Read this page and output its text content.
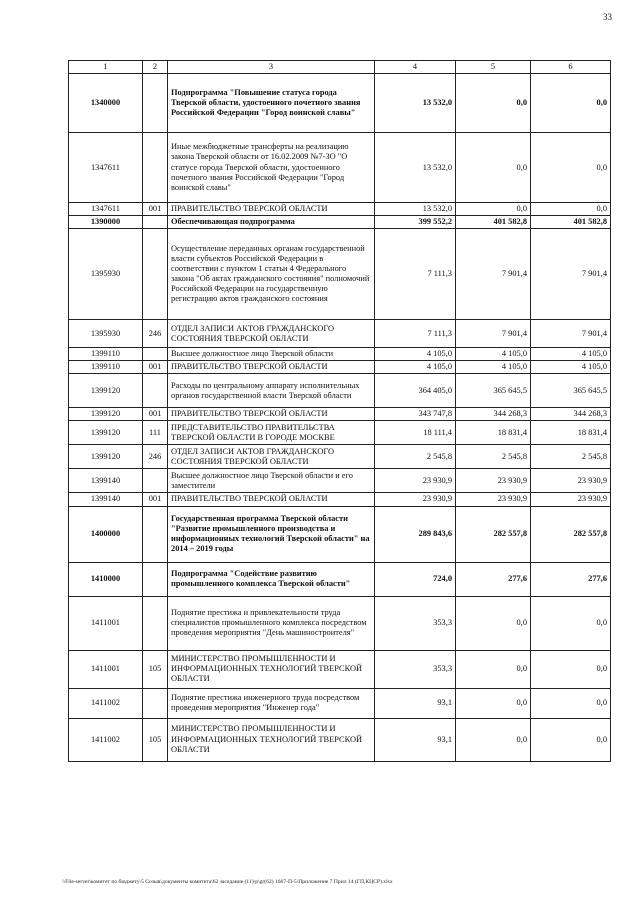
33
1	2	3	4	5	6
1340000		Подпрограмма "Повышение статуса города Тверской области, удостоенного почетного звания Российской Федерации "Город воинской славы"	13 532,0	0,0	0,0
1347611		Иные межбюджетные трансферты на реализацию закона Тверской области от 16.02.2009 №7-ЗО "О статусе города Тверской области, удостоенного почетного звания Российской Федерации "Город воинской славы"	13 532,0	0,0	0,0
1347611	001	ПРАВИТЕЛЬСТВО ТВЕРСКОЙ ОБЛАСТИ	13 532,0	0,0	0,0
1390000		Обеспечивающая подпрограмма	399 552,2	401 582,8	401 582,8
1395930		Осуществление переданных органам государственной власти субъектов Российской Федерации в соответствии с пунктом 1 статьи 4 Федерального закона "Об актах гражданского состояния" полномочий Российской Федерации на государственную регистрацию актов гражданского состояния	7 111,3	7 901,4	7 901,4
1395930	246	ОТДЕЛ ЗАПИСИ АКТОВ ГРАЖДАНСКОГО СОСТОЯНИЯ ТВЕРСКОЙ ОБЛАСТИ	7 111,3	7 901,4	7 901,4
1399110		Высшее должностное лицо Тверской области	4 105,0	4 105,0	4 105,0
1399110	001	ПРАВИТЕЛЬСТВО ТВЕРСКОЙ ОБЛАСТИ	4 105,0	4 105,0	4 105,0
1399120		Расходы по центральному аппарату исполнительных органов государственной власти Тверской области	364 405,0	365 645,5	365 645,5
1399120	001	ПРАВИТЕЛЬСТВО ТВЕРСКОЙ ОБЛАСТИ	343 747,8	344 268,3	344 268,3
1399120	111	ПРЕДСТАВИТЕЛЬСТВО ПРАВИТЕЛЬСТВА ТВЕРСКОЙ ОБЛАСТИ В ГОРОДЕ МОСКВЕ	18 111,4	18 831,4	18 831,4
1399120	246	ОТДЕЛ ЗАПИСИ АКТОВ ГРАЖДАНСКОГО СОСТОЯНИЯ ТВЕРСКОЙ ОБЛАСТИ	2 545,8	2 545,8	2 545,8
1399140		Высшее должностное лицо Тверской области и его заместители	23 930,9	23 930,9	23 930,9
1399140	001	ПРАВИТЕЛЬСТВО ТВЕРСКОЙ ОБЛАСТИ	23 930,9	23 930,9	23 930,9
1400000		Государственная программа Тверской области "Развитие промышленного производства и информационных технологий Тверской области" на 2014 – 2019 годы	289 843,6	282 557,8	282 557,8
1410000		Подпрограмма "Содействие развитию промышленного комплекса Тверской области"	724,0	277,6	277,6
1411001		Поднятие престижа и привлекательности труда специалистов промышленного комплекса посредством проведения мероприятия "День машиностроителя"	353,3	0,0	0,0
1411001	105	МИНИСТЕРСТВО ПРОМЫШЛЕННОСТИ И ИНФОРМАЦИОННЫХ ТЕХНОЛОГИЙ ТВЕРСКОЙ ОБЛАСТИ	353,3	0,0	0,0
1411002		Поднятие престижа инженерного труда посредством проведения мероприятия "Инженер года"	93,1	0,0	0,0
1411002	105	МИНИСТЕРСТВО ПРОМЫШЛЕННОСТИ И ИНФОРМАЦИОННЫХ ТЕХНОЛОГИЙ ТВЕРСКОЙ ОБЛАСТИ	93,1	0,0	0,0
\\File-server\комитет по бюджету\5 Созыв\документы комитета\62 заседание (11)\p\gr(62) 1667-П-5\Приложение 7 Прил 14 (ГП,КЦСР).xlsx
